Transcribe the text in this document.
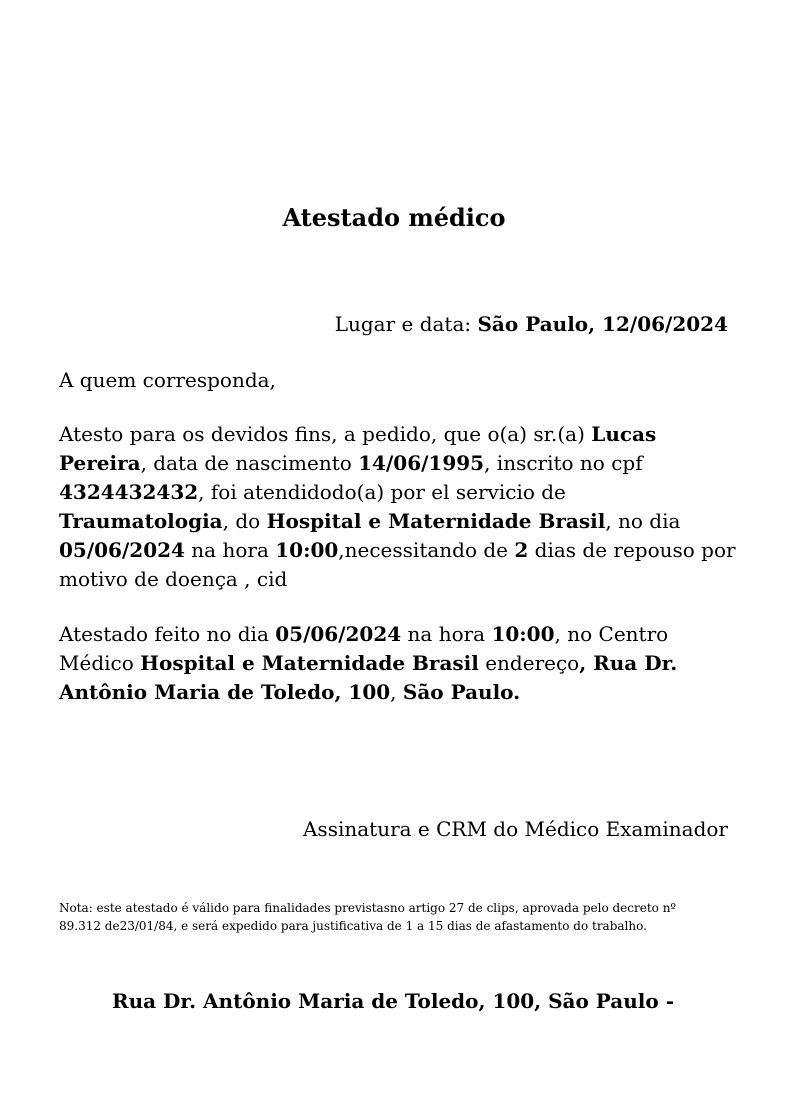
Atestado médico
Lugar e data: São Paulo, 12/06/2024
A quem corresponda,
Atesto para os devidos fins, a pedido, que o(a) sr.(a) Lucas Pereira, data de nascimento 14/06/1995, inscrito no cpf 4324432432, foi atendidodo(a) por el servicio de Traumatologia, do Hospital e Maternidade Brasil, no dia 05/06/2024 na hora 10:00,necessitando de 2 dias de repouso por motivo de doença , cid
Atestado feito no dia 05/06/2024 na hora 10:00, no Centro Médico Hospital e Maternidade Brasil endereço, Rua Dr. Antônio Maria de Toledo, 100, São Paulo.
Assinatura e CRM do Médico Examinador
Nota: este atestado é válido para finalidades previstasno artigo 27 de clips, aprovada pelo decreto nº 89.312 de23/01/84, e será expedido para justificativa de 1 a 15 dias de afastamento do trabalho.
Rua Dr. Antônio Maria de Toledo, 100, São Paulo -
